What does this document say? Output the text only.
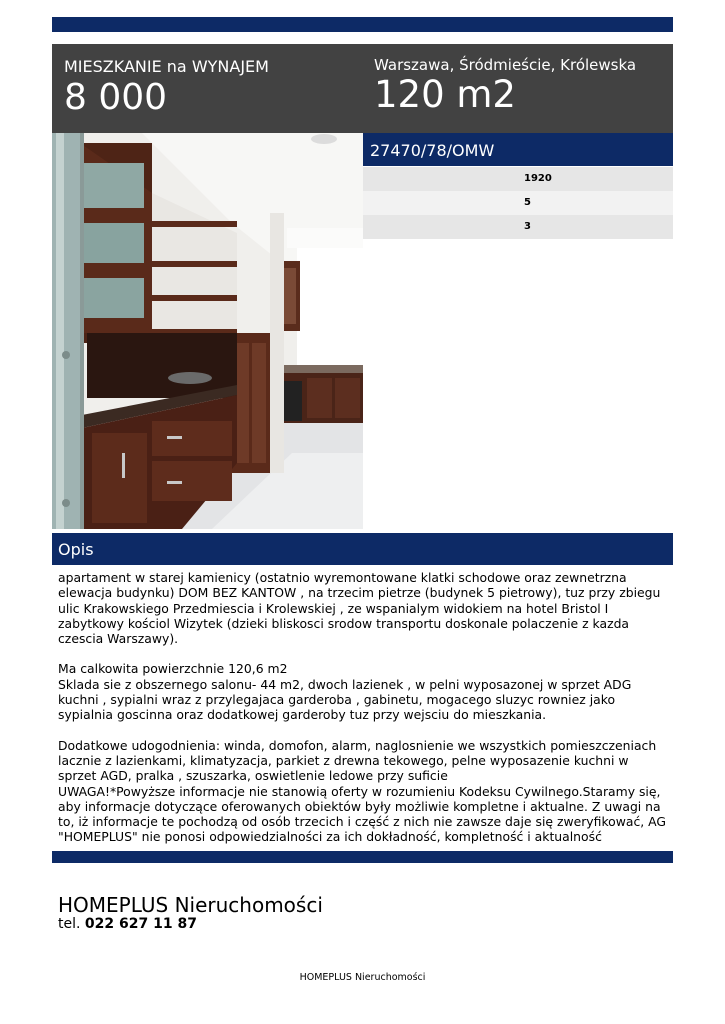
MIESZKANIE na WYNAJEM
8 000
Warszawa, Śródmieście, Królewska
120 m2
27470/78/OMW
1920
5
3
Opis

apartament w starej kamienicy (ostatnio wyremontowane klatki schodowe oraz zewnetrzna elewacja budynku) DOM BEZ KANTOW , na trzecim pietrze (budynek 5 pietrowy), tuz przy zbiegu ulic Krakowskiego Przedmiescia i Krolewskiej , ze wspanialym widokiem na hotel Bristol I zabytkowy kościol Wizytek (dzieki bliskosci srodow transportu doskonale polaczenie z kazda czescia Warszawy).

Ma calkowita powierzchnie 120,6 m2
Sklada sie z obszernego salonu- 44 m2, dwoch lazienek , w pelni wyposazonej w sprzet ADG kuchni , sypialni wraz z przylegajaca garderoba , gabinetu, mogacego sluzyc rowniez jako sypialnia goscinna oraz dodatkowej garderoby tuz przy wejsciu do mieszkania.

Dodatkowe udogodnienia: winda, domofon, alarm, naglosnienie we wszystkich pomieszczeniach lacznie z lazienkami, klimatyzacja, parkiet z drewna tekowego, pelne wyposazenie kuchni w sprzet AGD, pralka , szuszarka, oswietlenie ledowe przy suficie
UWAGA!*Powyższe informacje nie stanowią oferty w rozumieniu Kodeksu Cywilnego.Staramy się, aby informacje dotyczące oferowanych obiektów były możliwie kompletne i aktualne. Z uwagi na to, iż informacje te pochodzą od osób trzecich i część z nich nie zawsze daje się zweryfikować, AG "HOMEPLUS" nie ponosi odpowiedzialności za ich dokładność, kompletność i aktualność

HOMEPLUS Nieruchomości
tel. 022 627 11 87
HOMEPLUS Nieruchomości
